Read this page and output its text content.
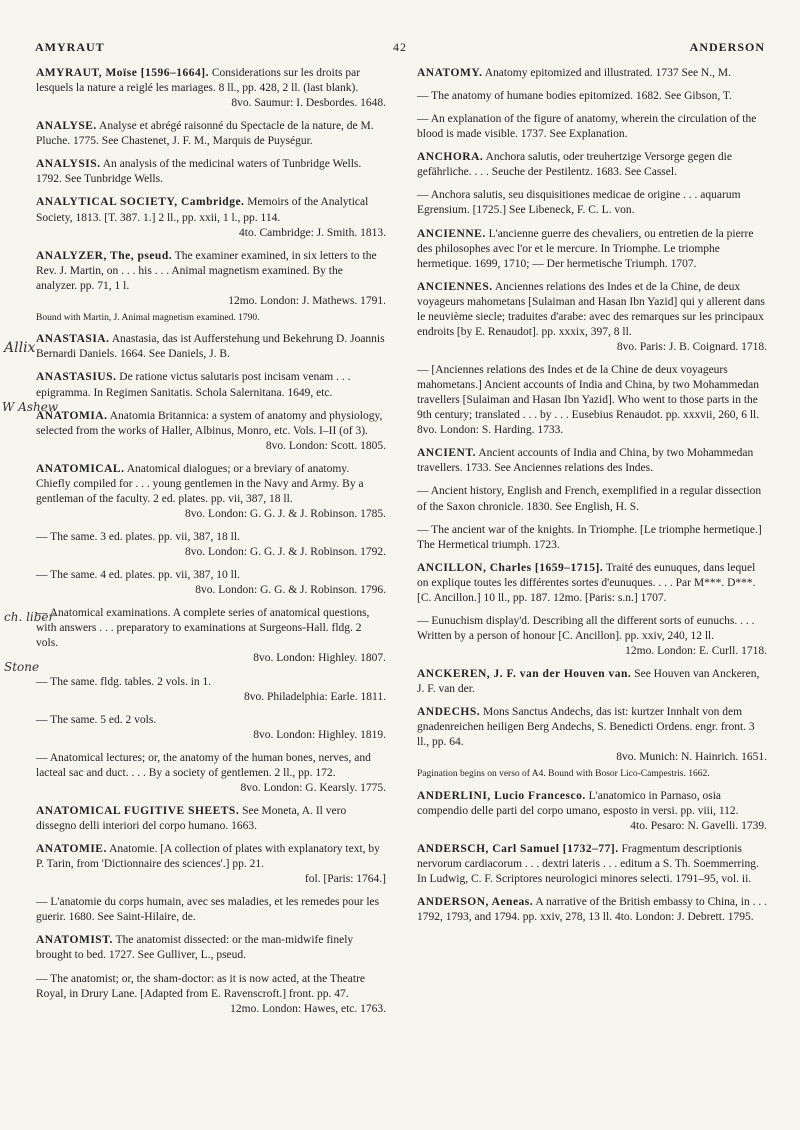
AMYRAUT	42	ANDERSON

AMYRAUT, Moïse [1596–1664]. Considerations sur les droits par lesquels la nature a reiglé les mariages. 8 ll., pp. 428, 2 ll. (last blank).
8vo. Saumur: I. Desbordes. 1648.

ANALYSE. Analyse et abrégé raisonné du Spectacle de la nature, de M. Pluche. 1775. See Chastenet, J. F. M., Marquis de Puységur.

ANALYSIS. An analysis of the medicinal waters of Tunbridge Wells. 1792. See Tunbridge Wells.

ANALYTICAL SOCIETY, Cambridge. Memoirs of the Analytical Society, 1813. [T. 387. 1.] 2 ll., pp. xxii, 1 l., pp. 114.
4to. Cambridge: J. Smith. 1813.

ANALYZER, The, pseud. The examiner examined, in six letters to the Rev. J. Martin, on . . . his . . . Animal magnetism examined. By the analyzer. pp. 71, 1 l.
12mo. London: J. Mathews. 1791.

Bound with Martin, J. Animal magnetism examined. 1790.

ANASTASIA. Anastasia, das ist Aufferstehung und Bekehrung D. Joannis Bernardi Daniels. 1664. See Daniels, J. B.

ANASTASIUS. De ratione victus salutaris post incisam venam . . . epigramma. In Regimen Sanitatis. Schola Salernitana. 1649, etc.

ANATOMIA. Anatomia Britannica: a system of anatomy and physiology, selected from the works of Haller, Albinus, Monro, etc. Vols. I–II (of 3).
8vo. London: Scott. 1805.

ANATOMICAL. Anatomical dialogues; or a breviary of anatomy. Chiefly compiled for . . . young gentlemen in the Navy and Army. By a gentleman of the faculty. 2 ed. plates. pp. vii, 387, 18 ll.
8vo. London: G. G. J. & J. Robinson. 1785.

— The same. 3 ed. plates. pp. vii, 387, 18 ll.
8vo. London: G. G. J. & J. Robinson. 1792.

— The same. 4 ed. plates. pp. vii, 387, 10 ll.
8vo. London: G. G. & J. Robinson. 1796.

— Anatomical examinations. A complete series of anatomical questions, with answers . . . preparatory to examinations at Surgeons-Hall. fldg. 2 vols.
8vo. London: Highley. 1807.

— The same. fldg. tables. 2 vols. in 1.
8vo. Philadelphia: Earle. 1811.

— The same. 5 ed. 2 vols.
8vo. London: Highley. 1819.

— Anatomical lectures; or, the anatomy of the human bones, nerves, and lacteal sac and duct. . . . By a society of gentlemen. 2 ll., pp. 172.
8vo. London: G. Kearsly. 1775.

ANATOMICAL FUGITIVE SHEETS. See Moneta, A. Il vero dissegno delli interiori del corpo humano. 1663.

ANATOMIE. Anatomie. [A collection of plates with explanatory text, by P. Tarin, from 'Dictionnaire des sciences'.] pp. 21.
fol. [Paris: 1764.]

— L'anatomie du corps humain, avec ses maladies, et les remedes pour les guerir. 1680. See Saint-Hilaire, de.

ANATOMIST. The anatomist dissected: or the man-midwife finely brought to bed. 1727. See Gulliver, L., pseud.

— The anatomist; or, the sham-doctor: as it is now acted, at the Theatre Royal, in Drury Lane. [Adapted from E. Ravenscroft.] front. pp. 47.
12mo. London: Hawes, etc. 1763.

ANATOMY. Anatomy epitomized and illustrated. 1737 See N., M.

— The anatomy of humane bodies epitomized. 1682. See Gibson, T.

— An explanation of the figure of anatomy, wherein the circulation of the blood is made visible. 1737. See Explanation.

ANCHORA. Anchora salutis, oder treuhertzige Versorge gegen die gefährliche. . . . Seuche der Pestilentz. 1683. See Cassel.

— Anchora salutis, seu disquisitiones medicae de origine . . . aquarum Egrensium. [1725.] See Libeneck, F. C. L. von.

ANCIENNE. L'ancienne guerre des chevaliers, ou entretien de la pierre des philosophes avec l'or et le mercure. In Triomphe. Le triomphe hermetique. 1699, 1710; — Der hermetische Triumph. 1707.

ANCIENNES. Anciennes relations des Indes et de la Chine, de deux voyageurs mahometans [Sulaiman and Hasan Ibn Yazid] qui y allerent dans le neuvième siecle; traduites d'arabe: avec des remarques sur les principaux endroits [by E. Renaudot]. pp. xxxix, 397, 8 ll.
8vo. Paris: J. B. Coignard. 1718.

— [Anciennes relations des Indes et de la Chine de deux voyageurs mahometans.] Ancient accounts of India and China, by two Mohammedan travellers [Sulaiman and Hasan Ibn Yazid]. Who went to those parts in the 9th century; translated . . . by . . . Eusebius Renaudot. pp. xxxvii, 260, 6 ll. 8vo. London: S. Harding. 1733.

ANCIENT. Ancient accounts of India and China, by two Mohammedan travellers. 1733. See Anciennes relations des Indes.

— Ancient history, English and French, exemplified in a regular dissection of the Saxon chronicle. 1830. See English, H. S.

— The ancient war of the knights. In Triomphe. [Le triomphe hermetique.] The Hermetical triumph. 1723.

ANCILLON, Charles [1659–1715]. Traité des eunuques, dans lequel on explique toutes les différentes sortes d'eunuques. . . . Par M***. D***. [C. Ancillon.] 10 ll., pp. 187. 12mo. [Paris: s.n.] 1707.

— Eunuchism display'd. Describing all the different sorts of eunuchs. . . . Written by a person of honour [C. Ancillon]. pp. xxiv, 240, 12 ll.
12mo. London: E. Curll. 1718.

ANCKEREN, J. F. van der Houven van. See Houven van Anckeren, J. F. van der.

ANDECHS. Mons Sanctus Andechs, das ist: kurtzer Innhalt von dem gnadenreichen heiligen Berg Andechs, S. Benedicti Ordens. engr. front. 3 ll., pp. 64.
8vo. Munich: N. Hainrich. 1651.

Pagination begins on verso of A4. Bound with Bosor Lico-Campestris. 1662.

ANDERLINI, Lucio Francesco. L'anatomico in Parnaso, osia compendio delle parti del corpo umano, esposto in versi. pp. viii, 112.
4to. Pesaro: N. Gavelli. 1739.

ANDERSCH, Carl Samuel [1732–77]. Fragmentum descriptionis nervorum cardiacorum . . . dextri lateris . . . editum a S. Th. Soemmerring. In Ludwig, C. F. Scriptores neurologici minores selecti. 1791–95, vol. ii.

ANDERSON, Aeneas. A narrative of the British embassy to China, in . . . 1792, 1793, and 1794. pp. xxiv, 278, 13 ll. 4to. London: J. Debrett. 1795.

Allix
W Ashew
ch. liber
Stone
